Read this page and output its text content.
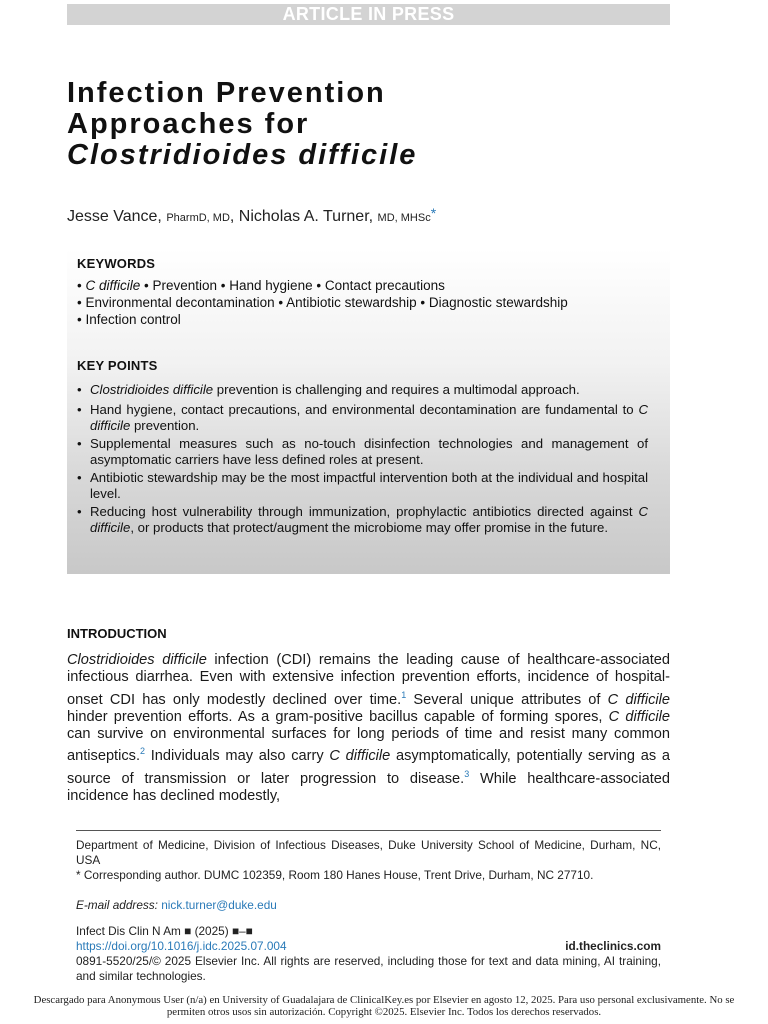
ARTICLE IN PRESS
Infection Prevention
Approaches for
Clostridioides difficile
Jesse Vance, PharmD, MD, Nicholas A. Turner, MD, MHSc*
KEYWORDS
• C difficile • Prevention • Hand hygiene • Contact precautions
• Environmental decontamination • Antibiotic stewardship • Diagnostic stewardship
• Infection control
KEY POINTS
• Clostridioides difficile prevention is challenging and requires a multimodal approach.
• Hand hygiene, contact precautions, and environmental decontamination are fundamental to C difficile prevention.
• Supplemental measures such as no-touch disinfection technologies and management of asymptomatic carriers have less defined roles at present.
• Antibiotic stewardship may be the most impactful intervention both at the individual and hospital level.
• Reducing host vulnerability through immunization, prophylactic antibiotics directed against C difficile, or products that protect/augment the microbiome may offer promise in the future.
INTRODUCTION
Clostridioides difficile infection (CDI) remains the leading cause of healthcare-associated infectious diarrhea. Even with extensive infection prevention efforts, incidence of hospital-onset CDI has only modestly declined over time.$^1$ Several unique attributes of C difficile hinder prevention efforts. As a gram-positive bacillus capable of forming spores, C difficile can survive on environmental surfaces for long periods of time and resist many common antiseptics.$^2$ Individuals may also carry C difficile asymptomatically, potentially serving as a source of transmission or later progression to disease.$^3$ While healthcare-associated incidence has declined modestly,
Department of Medicine, Division of Infectious Diseases, Duke University School of Medicine, Durham, NC, USA
* Corresponding author. DUMC 102359, Room 180 Hanes House, Trent Drive, Durham, NC 27710.
E-mail address: nick.turner@duke.edu
Infect Dis Clin N Am ■ (2025) ■–■
https://doi.org/10.1016/j.idc.2025.07.004	id.theclinics.com
0891-5520/25/© 2025 Elsevier Inc. All rights are reserved, including those for text and data mining, AI training, and similar technologies.
Descargado para Anonymous User (n/a) en University of Guadalajara de ClinicalKey.es por Elsevier en agosto 12, 2025. Para uso personal exclusivamente. No se permiten otros usos sin autorización. Copyright ©2025. Elsevier Inc. Todos los derechos reservados.
